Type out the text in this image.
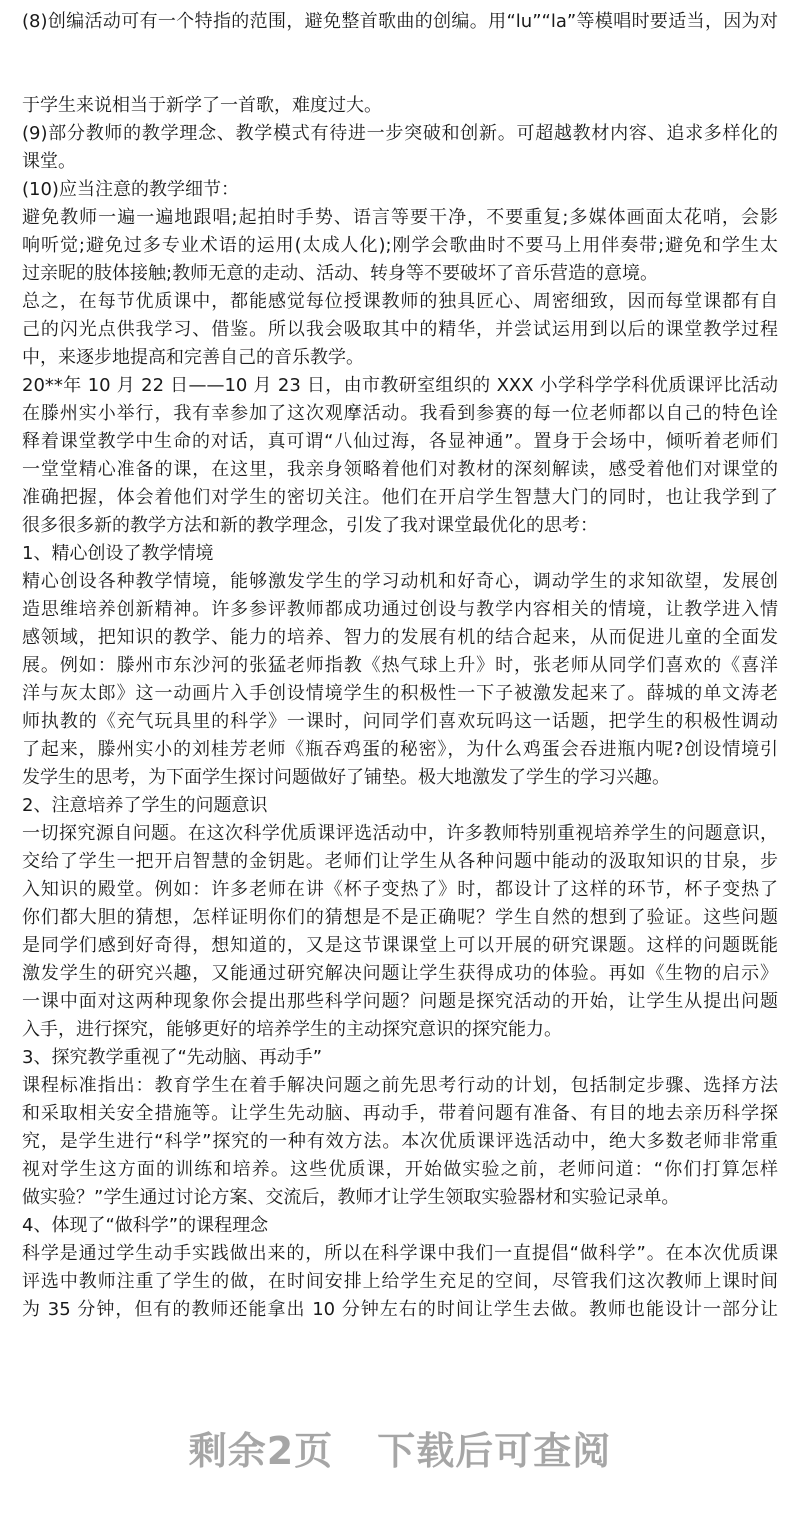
(8)创编活动可有一个特指的范围，避免整首歌曲的创编。用“lu”“la”等模唱时要适当，因为对
于学生来说相当于新学了一首歌，难度过大。
(9)部分教师的教学理念、教学模式有待进一步突破和创新。可超越教材内容、追求多样化的
课堂。
(10)应当注意的教学细节：
避免教师一遍一遍地跟唱;起拍时手势、语言等要干净，不要重复;多媒体画面太花哨，会影
响听觉;避免过多专业术语的运用(太成人化);刚学会歌曲时不要马上用伴奏带;避免和学生太
过亲昵的肢体接触;教师无意的走动、活动、转身等不要破坏了音乐营造的意境。
总之，在每节优质课中，都能感觉每位授课教师的独具匠心、周密细致，因而每堂课都有自
己的闪光点供我学习、借鉴。所以我会吸取其中的精华，并尝试运用到以后的课堂教学过程
中，来逐步地提高和完善自己的音乐教学。
20**年 10 月 22 日——10 月 23 日，由市教研室组织的 XXX 小学科学学科优质课评比活动
在滕州实小举行，我有幸参加了这次观摩活动。我看到参赛的每一位老师都以自己的特色诠
释着课堂教学中生命的对话，真可谓“八仙过海，各显神通”。置身于会场中，倾听着老师们
一堂堂精心准备的课，在这里，我亲身领略着他们对教材的深刻解读，感受着他们对课堂的
准确把握，体会着他们对学生的密切关注。他们在开启学生智慧大门的同时，也让我学到了
很多很多新的教学方法和新的教学理念，引发了我对课堂最优化的思考：
1、精心创设了教学情境
精心创设各种教学情境，能够激发学生的学习动机和好奇心，调动学生的求知欲望，发展创
造思维培养创新精神。许多参评教师都成功通过创设与教学内容相关的情境，让教学进入情
感领域，把知识的教学、能力的培养、智力的发展有机的结合起来，从而促进儿童的全面发
展。例如：滕州市东沙河的张猛老师指教《热气球上升》时，张老师从同学们喜欢的《喜洋
洋与灰太郎》这一动画片入手创设情境学生的积极性一下子被激发起来了。薛城的单文涛老
师执教的《充气玩具里的科学》一课时，问同学们喜欢玩吗这一话题，把学生的积极性调动
了起来，滕州实小的刘桂芳老师《瓶吞鸡蛋的秘密》，为什么鸡蛋会吞进瓶内呢?创设情境引
发学生的思考，为下面学生探讨问题做好了铺垫。极大地激发了学生的学习兴趣。
2、注意培养了学生的问题意识
一切探究源自问题。在这次科学优质课评选活动中，许多教师特别重视培养学生的问题意识，
交给了学生一把开启智慧的金钥匙。老师们让学生从各种问题中能动的汲取知识的甘泉，步
入知识的殿堂。例如：许多老师在讲《杯子变热了》时，都设计了这样的环节，杯子变热了
你们都大胆的猜想，怎样证明你们的猜想是不是正确呢？学生自然的想到了验证。这些问题
是同学们感到好奇得，想知道的，又是这节课课堂上可以开展的研究课题。这样的问题既能
激发学生的研究兴趣，又能通过研究解决问题让学生获得成功的体验。再如《生物的启示》
一课中面对这两种现象你会提出那些科学问题？问题是探究活动的开始，让学生从提出问题
入手，进行探究，能够更好的培养学生的主动探究意识的探究能力。
3、探究教学重视了“先动脑、再动手”
课程标准指出：教育学生在着手解决问题之前先思考行动的计划，包括制定步骤、选择方法
和采取相关安全措施等。让学生先动脑、再动手，带着问题有准备、有目的地去亲历科学探
究，是学生进行“科学”探究的一种有效方法。本次优质课评选活动中，绝大多数老师非常重
视对学生这方面的训练和培养。这些优质课，开始做实验之前，老师问道：“你们打算怎样
做实验？”学生通过讨论方案、交流后，教师才让学生领取实验器材和实验记录单。
4、体现了“做科学”的课程理念
科学是通过学生动手实践做出来的，所以在科学课中我们一直提倡“做科学”。在本次优质课
评选中教师注重了学生的做，在时间安排上给学生充足的空间，尽管我们这次教师上课时间
为 35 分钟，但有的教师还能拿出 10 分钟左右的时间让学生去做。教师也能设计一部分让
剩余2页 下载后可查阅
